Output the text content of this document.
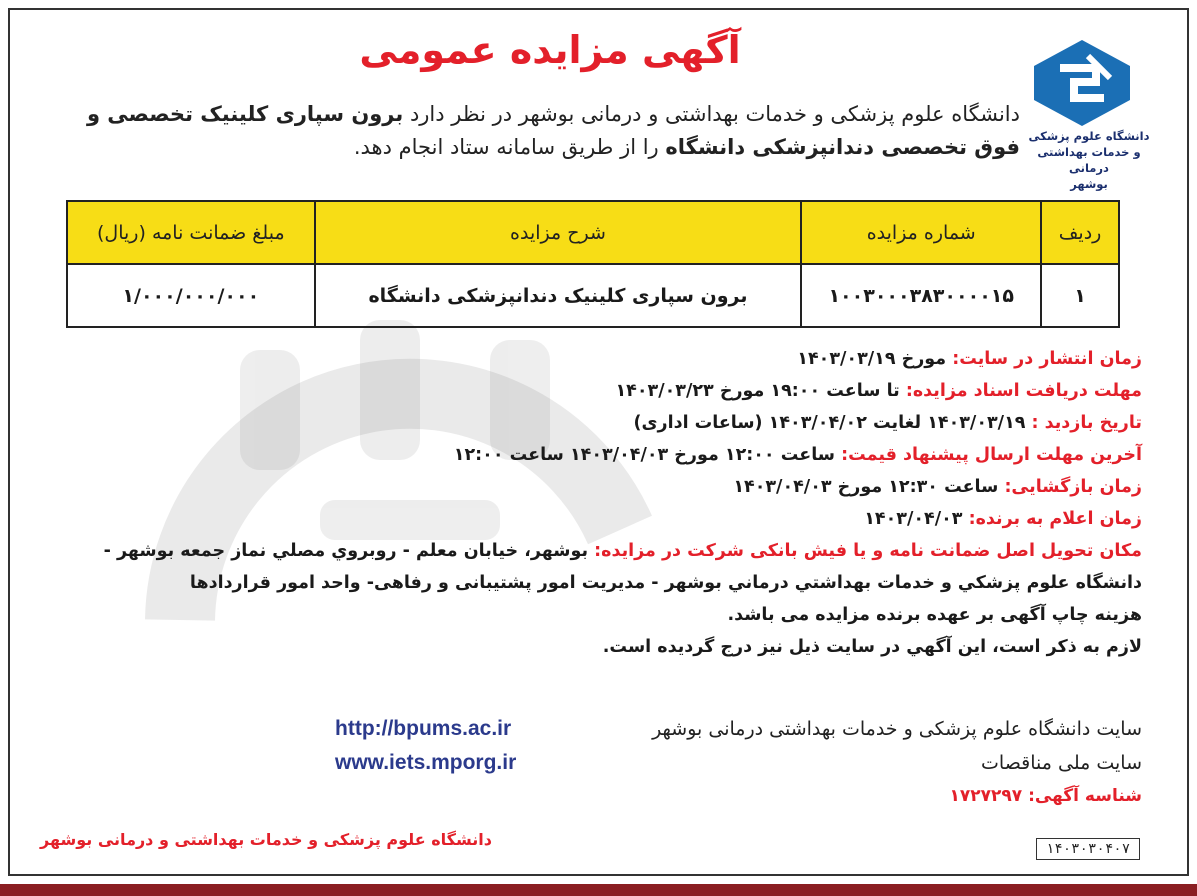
دانشگاه علوم پزشکی
و خدمات بهداشتی درمانی
بوشهر
آگهی مزایده عمومی
دانشگاه علوم پزشکی و خدمات بهداشتی و درمانی بوشهر در نظر دارد برون سپاری کلینیک تخصصی و فوق تخصصی دندانپزشکی دانشگاه را از طریق سامانه ستاد انجام دهد.
ردیف	شماره مزایده	شرح مزایده	مبلغ ضمانت نامه (ریال)
۱	۱۰۰۳۰۰۰۳۸۳۰۰۰۰۱۵	برون سپاری کلینیک دندانپزشکی دانشگاه	۱/۰۰۰/۰۰۰/۰۰۰
زمان انتشار در سایت: مورخ ۱۴۰۳/۰۳/۱۹
مهلت دریافت اسناد مزایده: تا ساعت ۱۹:۰۰ مورخ ۱۴۰۳/۰۳/۲۳
تاریخ بازدید : ۱۴۰۳/۰۳/۱۹ لغایت ۱۴۰۳/۰۴/۰۲ (ساعات اداری)
آخرین مهلت ارسال پیشنهاد قیمت: ساعت ۱۲:۰۰ مورخ ۱۴۰۳/۰۴/۰۳ ساعت ۱۲:۰۰
زمان بازگشایی: ساعت ۱۲:۳۰ مورخ ۱۴۰۳/۰۴/۰۳
زمان اعلام به برنده: ۱۴۰۳/۰۴/۰۳
مکان تحویل اصل ضمانت نامه و یا فیش بانکی شرکت در مزایده: بوشهر، خیابان معلم - روبروي مصلي نماز جمعه بوشهر -
دانشگاه علوم پزشكي و خدمات بهداشتي درماني بوشهر - مدیریت امور پشتیبانی و رفاهی- واحد امور قراردادها
هزینه چاپ آگهی بر عهده برنده مزایده می باشد.
لازم به ذکر است، این آگهي در سایت ذیل نیز درج گردیده است.
سایت دانشگاه علوم پزشکی و خدمات بهداشتی درمانی بوشهر
http://bpums.ac.ir
سایت ملی مناقصات
www.iets.mporg.ir
شناسه آگهی: ۱۷۲۷۲۹۷
دانشگاه علوم پزشکی و خدمات بهداشتی و درمانی بوشهر	۱۴۰۳۰۳۰۴۰۷
